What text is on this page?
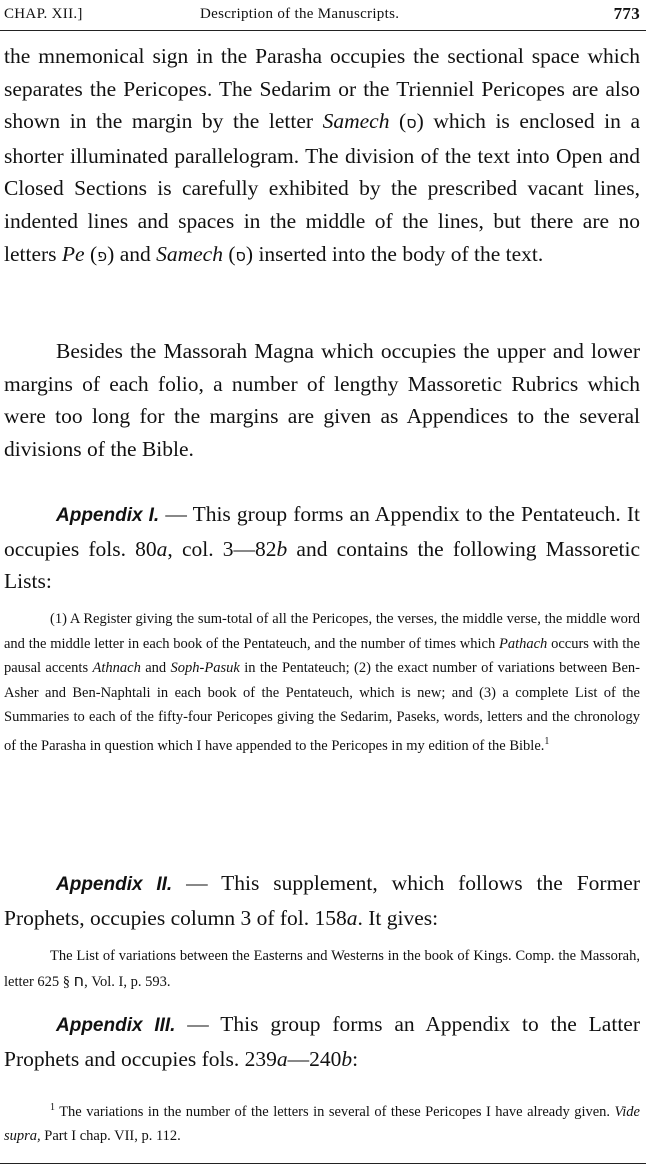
CHAP. XII.]	Description of the Manuscripts.	773

the mnemonical sign in the Parasha occupies the sectional space which separates the Pericopes. The Sedarim or the Trienniel Pericopes are also shown in the margin by the letter Samech (ס) which is enclosed in a shorter illuminated parallelogram. The division of the text into Open and Closed Sections is carefully exhibited by the prescribed vacant lines, indented lines and spaces in the middle of the lines, but there are no letters Pe (פ) and Samech (ס) inserted into the body of the text.

Besides the Massorah Magna which occupies the upper and lower margins of each folio, a number of lengthy Massoretic Rubrics which were too long for the margins are given as Appendices to the several divisions of the Bible.

Appendix I. — This group forms an Appendix to the Pentateuch. It occupies fols. 80a, col. 3—82b and contains the following Massoretic Lists:

(1) A Register giving the sum-total of all the Pericopes, the verses, the middle verse, the middle word and the middle letter in each book of the Pentateuch, and the number of times which Pathach occurs with the pausal accents Athnach and Soph-Pasuk in the Pentateuch; (2) the exact number of variations between Ben-Asher and Ben-Naphtali in each book of the Pentateuch, which is new; and (3) a complete List of the Summaries to each of the fifty-four Pericopes giving the Sedarim, Paseks, words, letters and the chronology of the Parasha in question which I have appended to the Pericopes in my edition of the Bible.$^1$

Appendix II. — This supplement, which follows the Former Prophets, occupies column 3 of fol. 158a. It gives:

The List of variations between the Easterns and Westerns in the book of Kings. Comp. the Massorah, letter ח § 625, Vol. I, p. 593.

Appendix III. — This group forms an Appendix to the Latter Prophets and occupies fols. 239a—240b:

$^1$ The variations in the number of the letters in several of these Pericopes I have already given. Vide supra, Part I chap. VII, p. 112.
